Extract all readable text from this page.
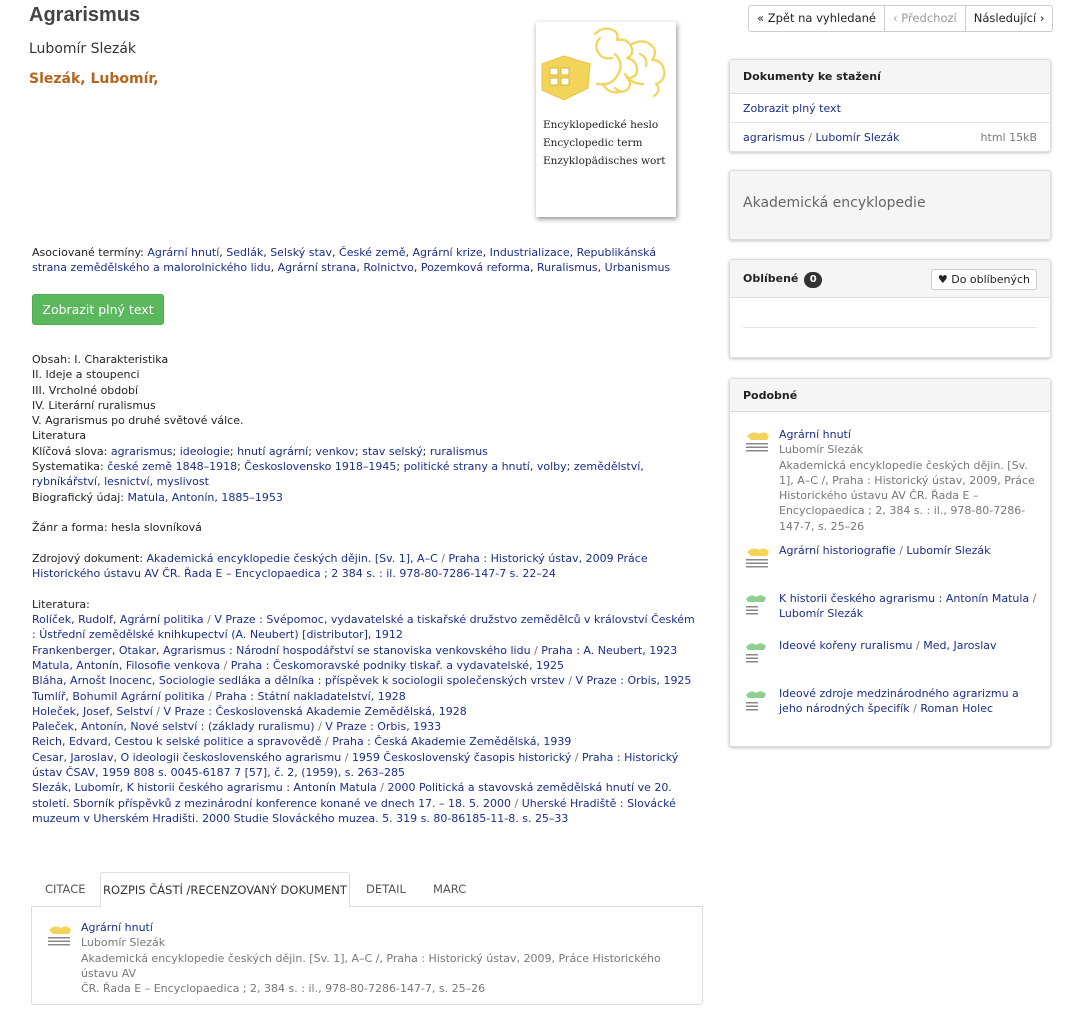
Agrarismus
Lubomír Slezák
Slezák, Lubomír,
Encyklopedické heslo
Encyclopedic term
Enzyklopädisches wort
« Zpět na vyhledané	‹ Předchozí	Následující ›
Asociované termíny: Agrární hnutí, Sedlák, Selský stav, České země, Agrární krize, Industrializace, Republikánská strana zemědělského a malorolnického lidu, Agrární strana, Rolnictvo, Pozemková reforma, Ruralismus, Urbanismus
Zobrazit plný text

Obsah: I. Charakteristika

II. Ideje a stoupenci

III. Vrcholné období

IV. Literární ruralismus

V. Agrarismus po druhé světové válce.

Literatura

Klíčová slova: agrarismus; ideologie; hnutí agrární; venkov; stav selský; ruralismus

Systematika: české země 1848–1918; Československo 1918–1945; politické strany a hnutí, volby; zemědělství, rybníkářství, lesnictví, myslivost

Biografický údaj: Matula, Antonín, 1885–1953

Žánr a forma: hesla slovníková

Zdrojový dokument: Akademická encyklopedie českých dějin. [Sv. 1], A–C / Praha : Historický ústav, 2009 Práce Historického ústavu AV ČR. Řada E – Encyclopaedica ; 2 384 s. : il. 978-80-7286-147-7 s. 22–24

Literatura:

Rolíček, Rudolf, Agrární politika / V Praze : Svépomoc, vydavatelské a tiskařské družstvo zemědělců v království Českém : Ústřední zemědělské knihkupectví (A. Neubert) [distributor], 1912

Frankenberger, Otakar, Agrarismus : Národní hospodářství se stanoviska venkovského lidu / Praha : A. Neubert, 1923

Matula, Antonín, Filosofie venkova / Praha : Českomoravské podniky tiskař. a vydavatelské, 1925

Bláha, Arnošt Inocenc, Sociologie sedláka a dělníka : příspěvek k sociologii společenských vrstev / V Praze : Orbis, 1925

Tumlíř, Bohumil Agrární politika / Praha : Státní nakladatelství, 1928

Holeček, Josef, Selství / V Praze : Československá Akademie Zemědělská, 1928

Paleček, Antonín, Nové selství : (základy ruralismu) / V Praze : Orbis, 1933

Reich, Edvard, Cestou k selské politice a spravovědě / Praha : Česká Akademie Zemědělská, 1939

Cesar, Jaroslav, O ideologii československého agrarismu / 1959 Československý časopis historický / Praha : Historický ústav ČSAV, 1959 808 s. 0045-6187 7 [57], č. 2, (1959), s. 263–285

Slezák, Lubomír, K historii českého agrarismu : Antonín Matula / 2000 Politická a stavovská zemědělská hnutí ve 20. století. Sborník příspěvků z mezinárodní konference konané ve dnech 17. – 18. 5. 2000 / Uherské Hradiště : Slovácké muzeum v Uherském Hradišti. 2000 Studie Slováckého muzea. 5. 319 s. 80-86185-11-8. s. 25–33

CITACE ROZPIS ČÁSTÍ /RECENZOVANÝ DOKUMENT DETAIL MARC
Agrární hnutí
Lubomír Slezák
Akademická encyklopedie českých dějin. [Sv. 1], A–C /, Praha : Historický ústav, 2009, Práce Historického ústavu AV
ČR. Řada E – Encyclopaedica ; 2, 384 s. : il., 978-80-7286-147-7, s. 25–26
Dokumenty ke stažení
Zobrazit plný text
agrarismus / Lubomír Slezák	html 15kB
Akademická encyklopedie
Oblíbené 0	♥ Do oblíbených
Podobné
Agrární hnutí
Lubomír Slezák
Akademická encyklopedie českých dějin. [Sv. 1], A–C /, Praha : Historický ústav, 2009, Práce Historického ústavu AV ČR. Řada E – Encyclopaedica ; 2, 384 s. : il., 978-80-7286-147-7, s. 25–26
Agrární historiografie / Lubomír Slezák
K historii českého agrarismu : Antonín Matula / Lubomír Slezák
Ideové kořeny ruralismu / Med, Jaroslav
Ideové zdroje medzinárodného agrarizmu a jeho národných špecifík / Roman Holec
